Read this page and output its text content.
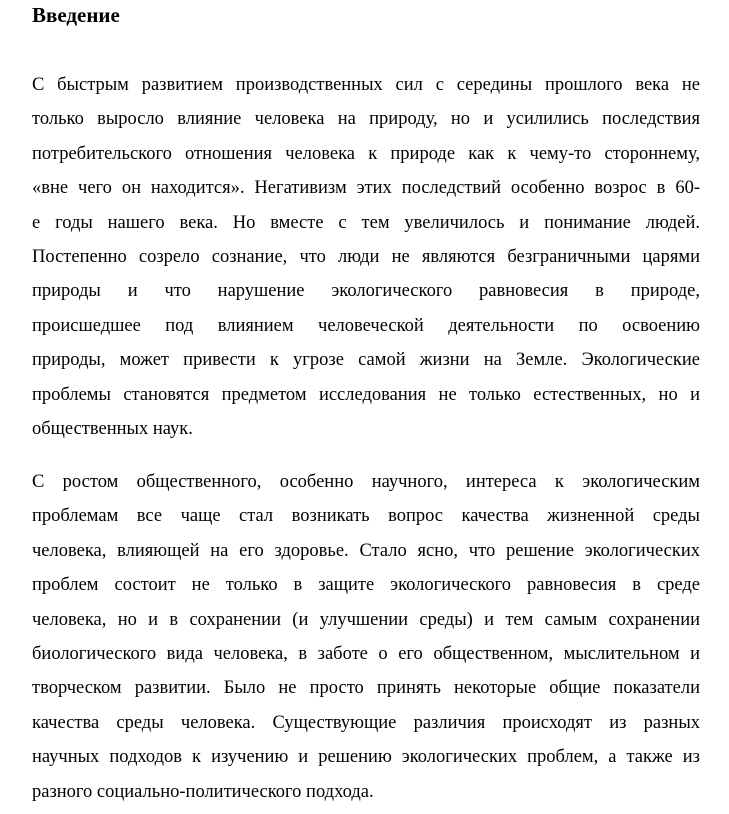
Введение
С быстрым развитием производственных сил с середины прошлого века не
только выросло влияние человека на природу, но и усилились последствия
потребительского отношения человека к природе как к чему-то стороннему,
«вне чего он находится». Негативизм этих последствий особенно возрос в 60-
е годы нашего века. Но вместе с тем увеличилось и понимание людей.
Постепенно созрело сознание, что люди не являются безграничными царями
природы и что нарушение экологического равновесия в природе,
происшедшее под влиянием человеческой деятельности по освоению
природы, может привести к угрозе самой жизни на Земле. Экологические
проблемы становятся предметом исследования не только естественных, но и
общественных наук.
С ростом общественного, особенно научного, интереса к экологическим
проблемам все чаще стал возникать вопрос качества жизненной среды
человека, влияющей на его здоровье. Стало ясно, что решение экологических
проблем состоит не только в защите экологического равновесия в среде
человека, но и в сохранении (и улучшении среды) и тем самым сохранении
биологического вида человека, в заботе о его общественном, мыслительном и
творческом развитии. Было не просто принять некоторые общие показатели
качества среды человека. Существующие различия происходят из разных
научных подходов к изучению и решению экологических проблем, а также из
разного социально-политического подхода.
